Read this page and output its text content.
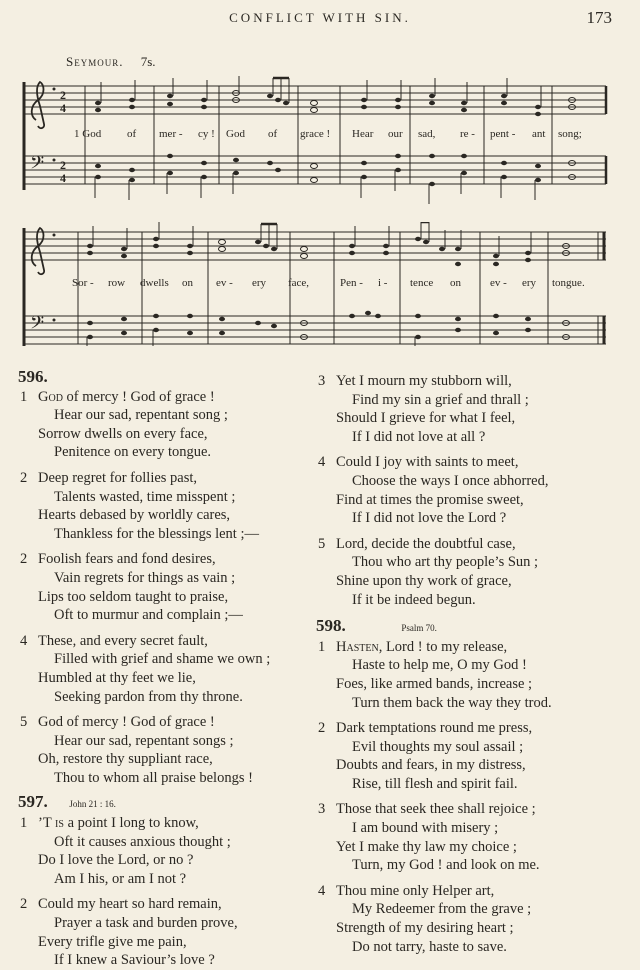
CONFLICT WITH SIN.	173
Seymour. 7s.
𝄢
2
4
2
4
1 God of mer - cy ! God of grace ! Hear our sad, re - pent - ant song;
𝄢
Sor - row dwells on ev - ery face,	Pen - i - tence on	ev - ery tongue.
596.
1 God of mercy ! God of grace !
Hear our sad, repentant song ;
Sorrow dwells on every face,
Penitence on every tongue.
2 Deep regret for follies past,
Talents wasted, time misspent ;
Hearts debased by worldly cares,
Thankless for the blessings lent ;—
2 Foolish fears and fond desires,
Vain regrets for things as vain ;
Lips too seldom taught to praise,
Oft to murmur and complain ;—
4 These, and every secret fault,
Filled with grief and shame we own ;
Humbled at thy feet we lie,
Seeking pardon from thy throne.
5 God of mercy ! God of grace !
Hear our sad, repentant songs ;
Oh, restore thy suppliant race,
Thou to whom all praise belongs !
597. John 21 : 16.
1 ’T is a point I long to know,
Oft it causes anxious thought ;
Do I love the Lord, or no ?
Am I his, or am I not ?
2 Could my heart so hard remain,
Prayer a task and burden prove,
Every trifle give me pain,
If I knew a Saviour’s love ?
3 Yet I mourn my stubborn will,
Find my sin a grief and thrall ;
Should I grieve for what I feel,
If I did not love at all ?
4 Could I joy with saints to meet,
Choose the ways I once abhorred,
Find at times the promise sweet,
If I did not love the Lord ?
5 Lord, decide the doubtful case,
Thou who art thy people’s Sun ;
Shine upon thy work of grace,
If it be indeed begun.
598.	Psalm 70.
1 Hasten, Lord ! to my release,
Haste to help me, O my God !
Foes, like armed bands, increase ;
Turn them back the way they trod.
2 Dark temptations round me press,
Evil thoughts my soul assail ;
Doubts and fears, in my distress,
Rise, till flesh and spirit fail.
3 Those that seek thee shall rejoice ;
I am bound with misery ;
Yet I make thy law my choice ;
Turn, my God ! and look on me.
4 Thou mine only Helper art,
My Redeemer from the grave ;
Strength of my desiring heart ;
Do not tarry, haste to save.
